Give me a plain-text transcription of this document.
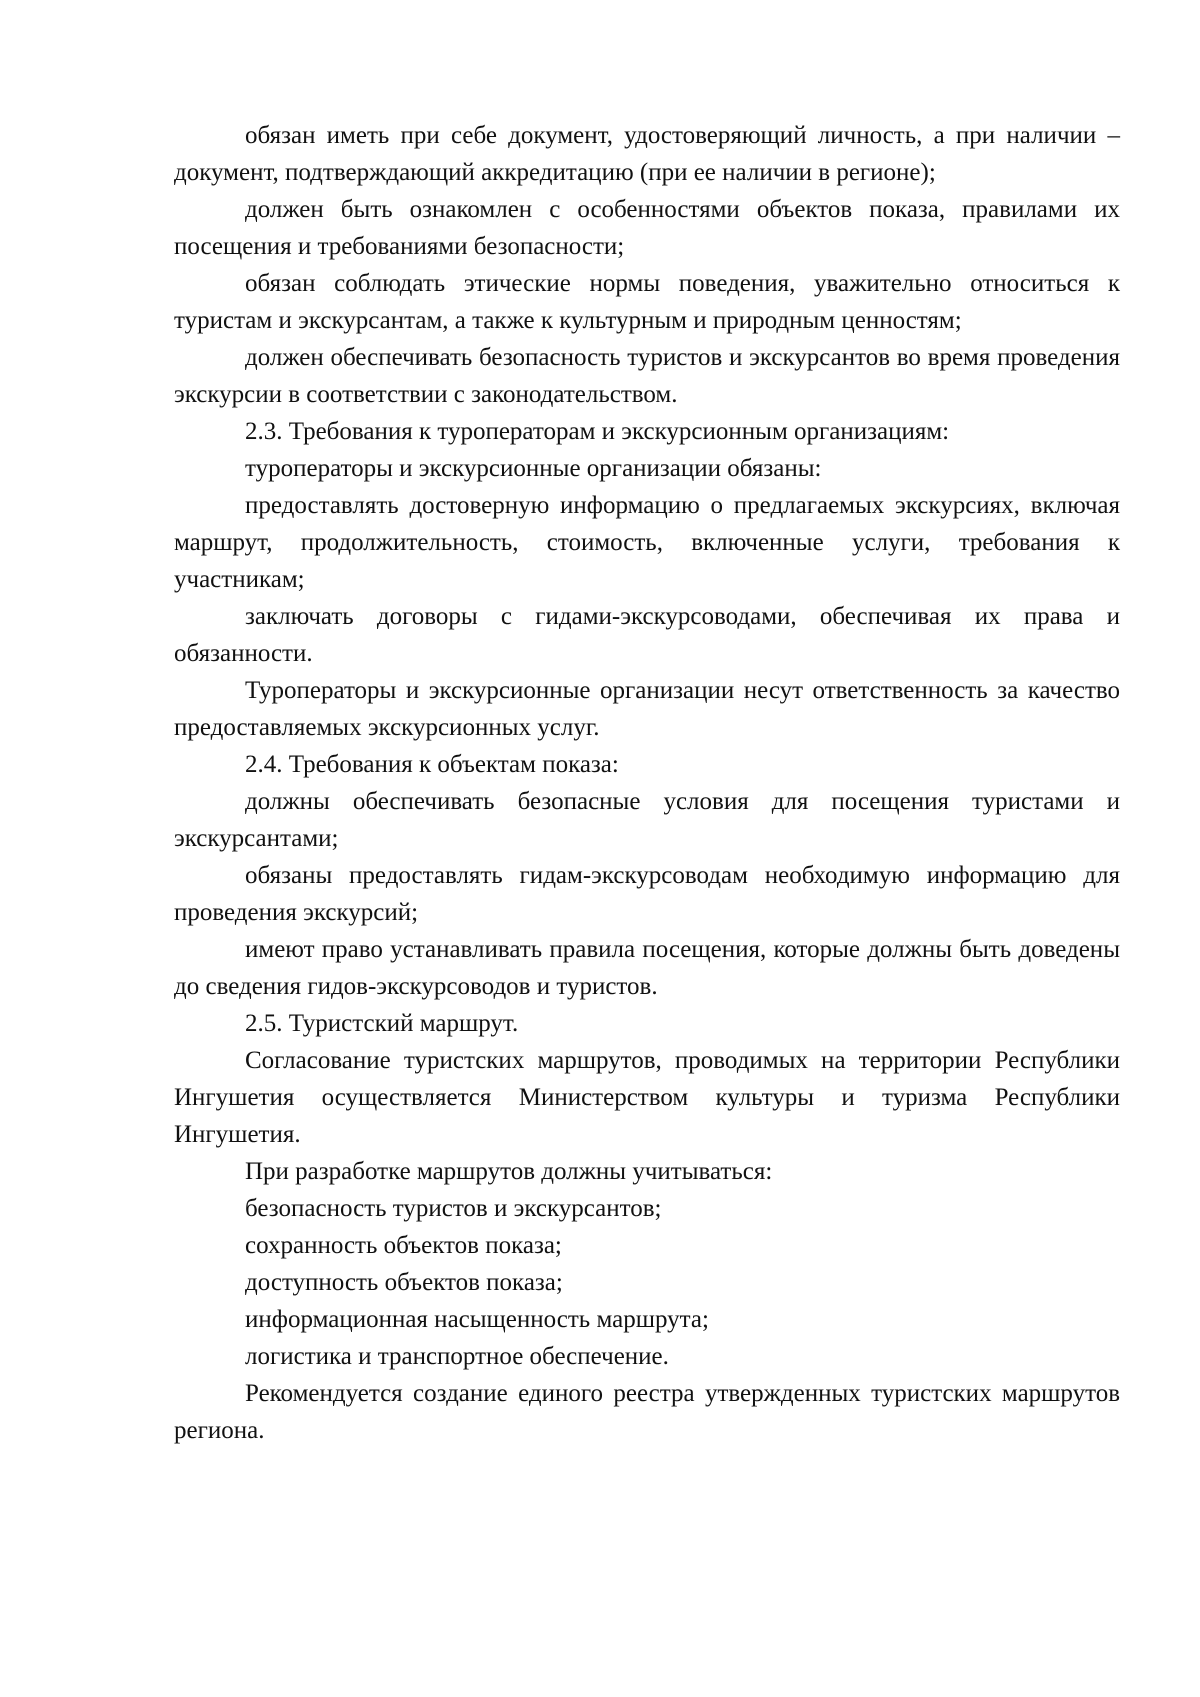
обязан иметь при себе документ, удостоверяющий личность, а при наличии – документ, подтверждающий аккредитацию (при ее наличии в регионе);

должен быть ознакомлен с особенностями объектов показа, правилами их посещения и требованиями безопасности;

обязан соблюдать этические нормы поведения, уважительно относиться к туристам и экскурсантам, а также к культурным и природным ценностям;

должен обеспечивать безопасность туристов и экскурсантов во время проведения экскурсии в соответствии с законодательством.

2.3. Требования к туроператорам и экскурсионным организациям:

туроператоры и экскурсионные организации обязаны:

предоставлять достоверную информацию о предлагаемых экскурсиях, включая маршрут, продолжительность, стоимость, включенные услуги, требования к участникам;

заключать договоры с гидами-экскурсоводами, обеспечивая их права и обязанности.

Туроператоры и экскурсионные организации несут ответственность за качество предоставляемых экскурсионных услуг.

2.4. Требования к объектам показа:

должны обеспечивать безопасные условия для посещения туристами и экскурсантами;

обязаны предоставлять гидам-экскурсоводам необходимую информацию для проведения экскурсий;

имеют право устанавливать правила посещения, которые должны быть доведены до сведения гидов-экскурсоводов и туристов.

2.5. Туристский маршрут.

Согласование туристских маршрутов, проводимых на территории Республики Ингушетия осуществляется Министерством культуры и туризма Республики Ингушетия.

При разработке маршрутов должны учитываться:

безопасность туристов и экскурсантов;

сохранность объектов показа;

доступность объектов показа;

информационная насыщенность маршрута;

логистика и транспортное обеспечение.

Рекомендуется создание единого реестра утвержденных туристских маршрутов региона.
